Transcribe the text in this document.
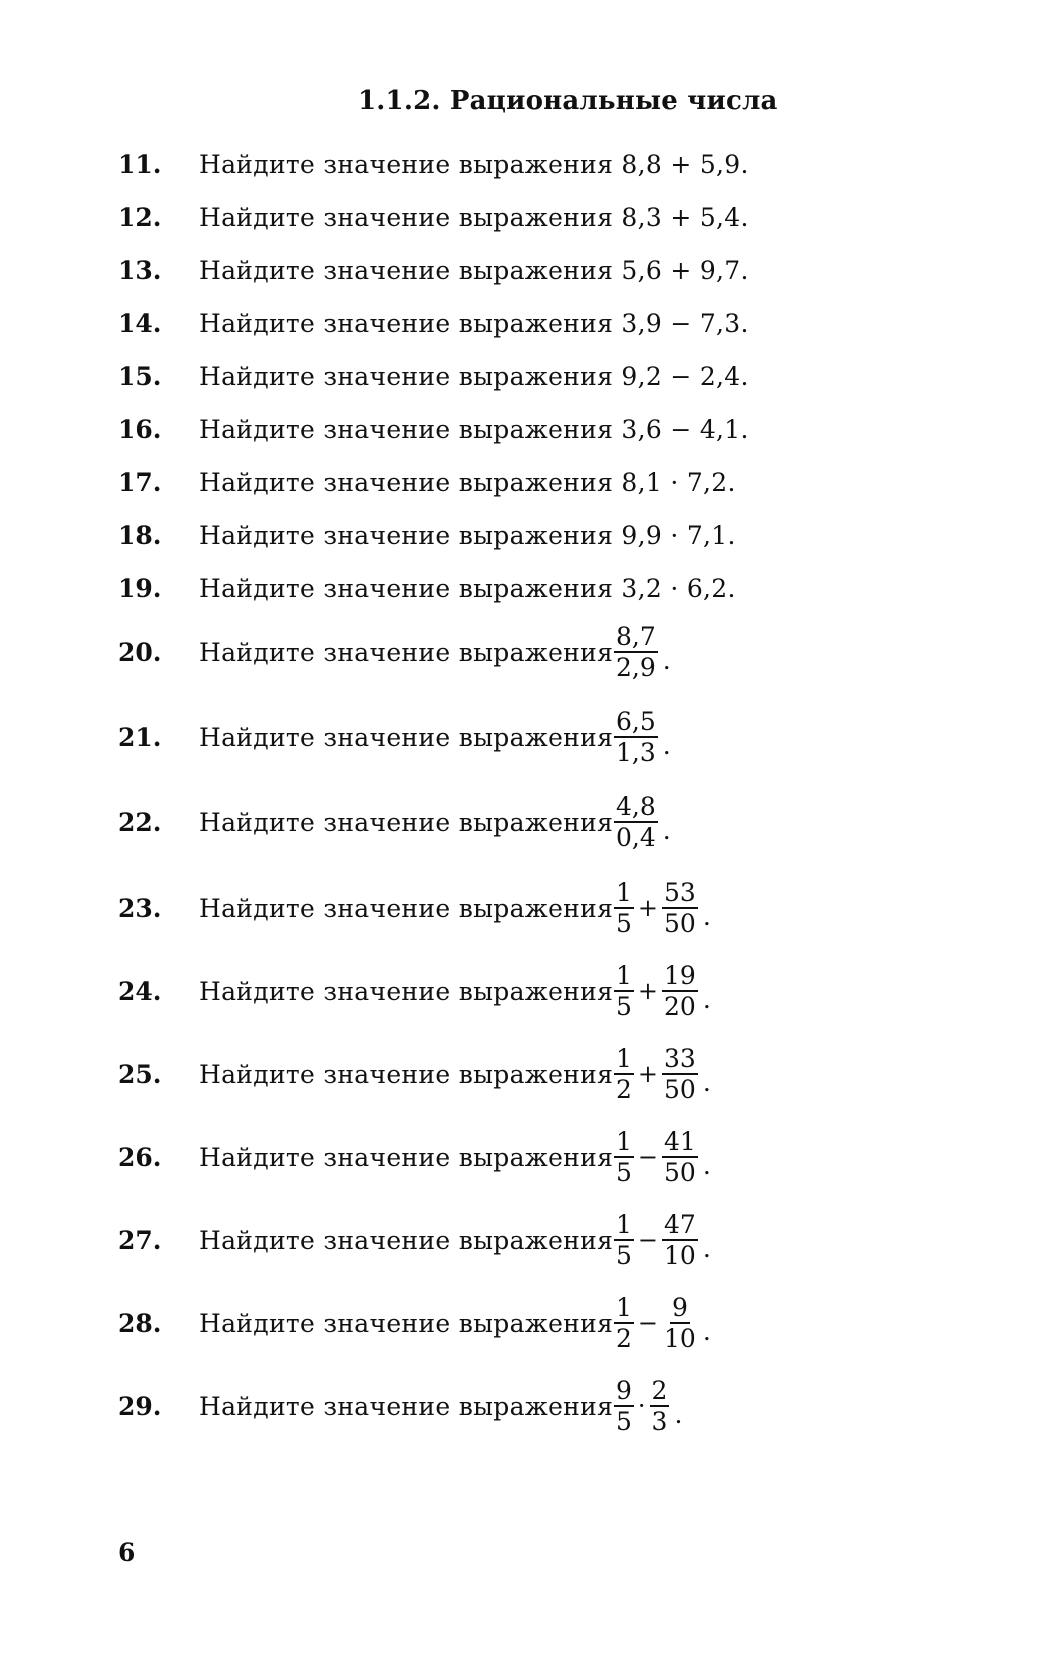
1.1.2. Рациональные числа
11. Найдите значение выражения 8,8 + 5,9.
12. Найдите значение выражения 8,3 + 5,4.
13. Найдите значение выражения 5,6 + 9,7.
14. Найдите значение выражения 3,9 − 7,3.
15. Найдите значение выражения 9,2 − 2,4.
16. Найдите значение выражения 3,6 − 4,1.
17. Найдите значение выражения 8,1 · 7,2.
18. Найдите значение выражения 9,9 · 7,1.
19. Найдите значение выражения 3,2 · 6,2.
20. Найдите значение выражения $\frac{8,7}{2,9}$ .
21. Найдите значение выражения $\frac{6,5}{1,3}$ .
22. Найдите значение выражения $\frac{4,8}{0,4}$ .
23. Найдите значение выражения $\frac{1}{5} + \frac{53}{50}$ .
24. Найдите значение выражения $\frac{1}{5} + \frac{19}{20}$ .
25. Найдите значение выражения $\frac{1}{2} + \frac{33}{50}$ .
26. Найдите значение выражения $\frac{1}{5} - \frac{41}{50}$ .
27. Найдите значение выражения $\frac{1}{5} - \frac{47}{10}$ .
28. Найдите значение выражения $\frac{1}{2} - \frac{9}{10}$ .
29. Найдите значение выражения $\frac{9}{5} \cdot \frac{2}{3}$ .
6
